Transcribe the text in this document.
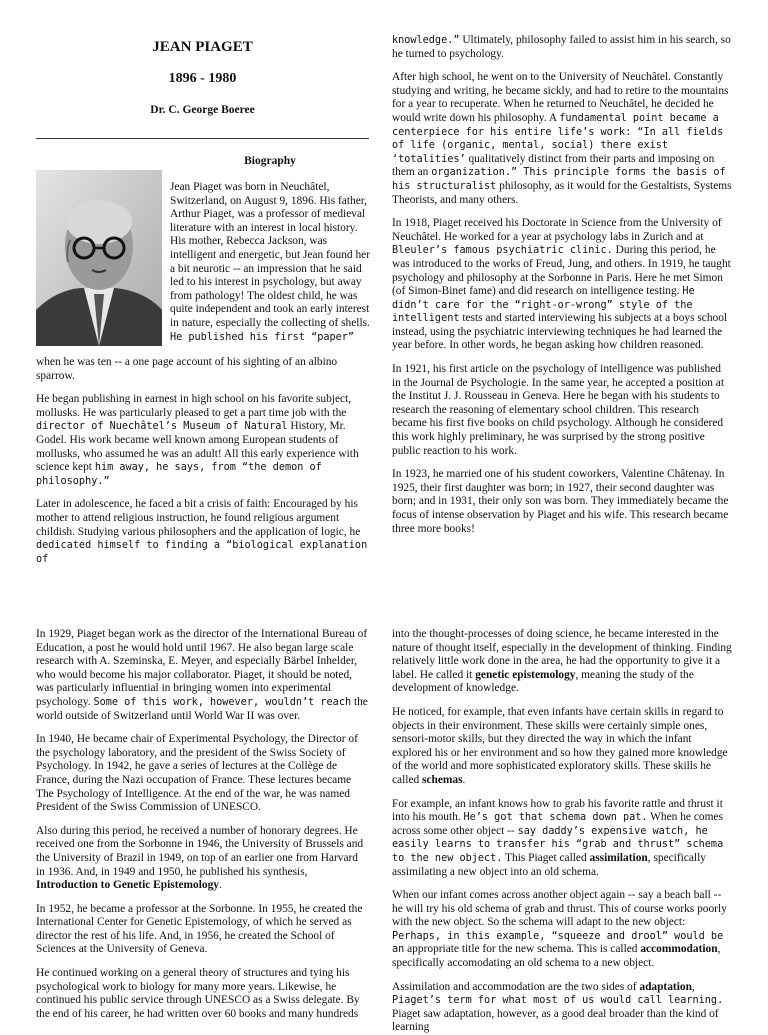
JEAN PIAGET
1896 - 1980
Dr. C. George Boeree
Biography
Jean Piaget was born in Neuchâtel, Switzerland, on August 9, 1896. His father, Arthur Piaget, was a professor of medieval literature with an interest in local history. His mother, Rebecca Jackson, was intelligent and energetic, but Jean found her a bit neurotic -- an impression that he said led to his interest in psychology, but away from pathology! The oldest child, he was quite independent and took an early interest in nature, especially the collecting of shells. He published his first “paper”

when he was ten -- a one page account of his sighting of an albino sparrow.

He began publishing in earnest in high school on his favorite subject, mollusks. He was particularly pleased to get a part time job with the director of Nuechâtel’s Museum of Natural History, Mr. Godel. His work became well known among European students of mollusks, who assumed he was an adult! All this early experience with science kept him away, he says, from “the demon of philosophy.”

Later in adolescence, he faced a bit a crisis of faith: Encouraged by his mother to attend religious instruction, he found religious argument childish. Studying various philosophers and the application of logic, he dedicated himself to finding a “biological explanation of

knowledge.” Ultimately, philosophy failed to assist him in his search, so he turned to psychology.

After high school, he went on to the University of Neuchâtel. Constantly studying and writing, he became sickly, and had to retire to the mountains for a year to recuperate. When he returned to Neuchâtel, he decided he would write down his philosophy. A fundamental point became a centerpiece for his entire life’s work: “In all fields of life (organic, mental, social) there exist ‘totalities’ qualitatively distinct from their parts and imposing on them an organization.” This principle forms the basis of his structuralist philosophy, as it would for the Gestaltists, Systems Theorists, and many others.

In 1918, Piaget received his Doctorate in Science from the University of Neuchâtel. He worked for a year at psychology labs in Zurich and at Bleuler’s famous psychiatric clinic. During this period, he was introduced to the works of Freud, Jung, and others. In 1919, he taught psychology and philosophy at the Sorbonne in Paris. Here he met Simon (of Simon-Binet fame) and did research on intelligence testing. He didn’t care for the “right-or-wrong” style of the intelligent tests and started interviewing his subjects at a boys school instead, using the psychiatric interviewing techniques he had learned the year before. In other words, he began asking how children reasoned.

In 1921, his first article on the psychology of intelligence was published in the Journal de Psychologie. In the same year, he accepted a position at the Institut J. J. Rousseau in Geneva. Here he began with his students to research the reasoning of elementary school children. This research became his first five books on child psychology. Although he considered this work highly preliminary, he was surprised by the strong positive public reaction to his work.

In 1923, he married one of his student coworkers, Valentine Châtenay. In 1925, their first daughter was born; in 1927, their second daughter was born; and in 1931, their only son was born. They immediately became the focus of intense observation by Piaget and his wife. This research became three more books!

In 1929, Piaget began work as the director of the International Bureau of Education, a post he would hold until 1967. He also began large scale research with A. Szeminska, E. Meyer, and especially Bärbel Inhelder, who would become his major collaborator. Piaget, it should be noted, was particularly influential in bringing women into experimental psychology. Some of this work, however, wouldn’t reach the world outside of Switzerland until World War II was over.

In 1940, He became chair of Experimental Psychology, the Director of the psychology laboratory, and the president of the Swiss Society of Psychology. In 1942, he gave a series of lectures at the Collège de France, during the Nazi occupation of France. These lectures became The Psychology of Intelligence. At the end of the war, he was named President of the Swiss Commission of UNESCO.

Also during this period, he received a number of honorary degrees. He received one from the Sorbonne in 1946, the University of Brussels and the University of Brazil in 1949, on top of an earlier one from Harvard in 1936. And, in 1949 and 1950, he published his synthesis, Introduction to Genetic Epistemology.

In 1952, he became a professor at the Sorbonne. In 1955, he created the International Center for Genetic Epistemology, of which he served as director the rest of his life. And, in 1956, he created the School of Sciences at the University of Geneva.

He continued working on a general theory of structures and tying his psychological work to biology for many more years. Likewise, he continued his public service through UNESCO as a Swiss delegate. By the end of his career, he had written over 60 books and many hundreds

into the thought-processes of doing science, he became interested in the nature of thought itself, especially in the development of thinking. Finding relatively little work done in the area, he had the opportunity to give it a label. He called it genetic epistemology, meaning the study of the development of knowledge.

He noticed, for example, that even infants have certain skills in regard to objects in their environment. These skills were certainly simple ones, sensori-motor skills, but they directed the way in which the infant explored his or her environment and so how they gained more knowledge of the world and more sophisticated exploratory skills. These skills he called schemas.

For example, an infant knows how to grab his favorite rattle and thrust it into his mouth. He’s got that schema down pat. When he comes across some other object -- say daddy’s expensive watch, he easily learns to transfer his “grab and thrust” schema to the new object. This Piaget called assimilation, specifically assimilating a new object into an old schema.

When our infant comes across another object again -- say a beach ball -- he will try his old schema of grab and thrust. This of course works poorly with the new object. So the schema will adapt to the new object: Perhaps, in this example, “squeeze and drool” would be an appropriate title for the new schema. This is called accommodation, specifically accomodating an old schema to a new object.

Assimilation and accommodation are the two sides of adaptation, Piaget’s term for what most of us would call learning. Piaget saw adaptation, however, as a good deal broader than the kind of learning
